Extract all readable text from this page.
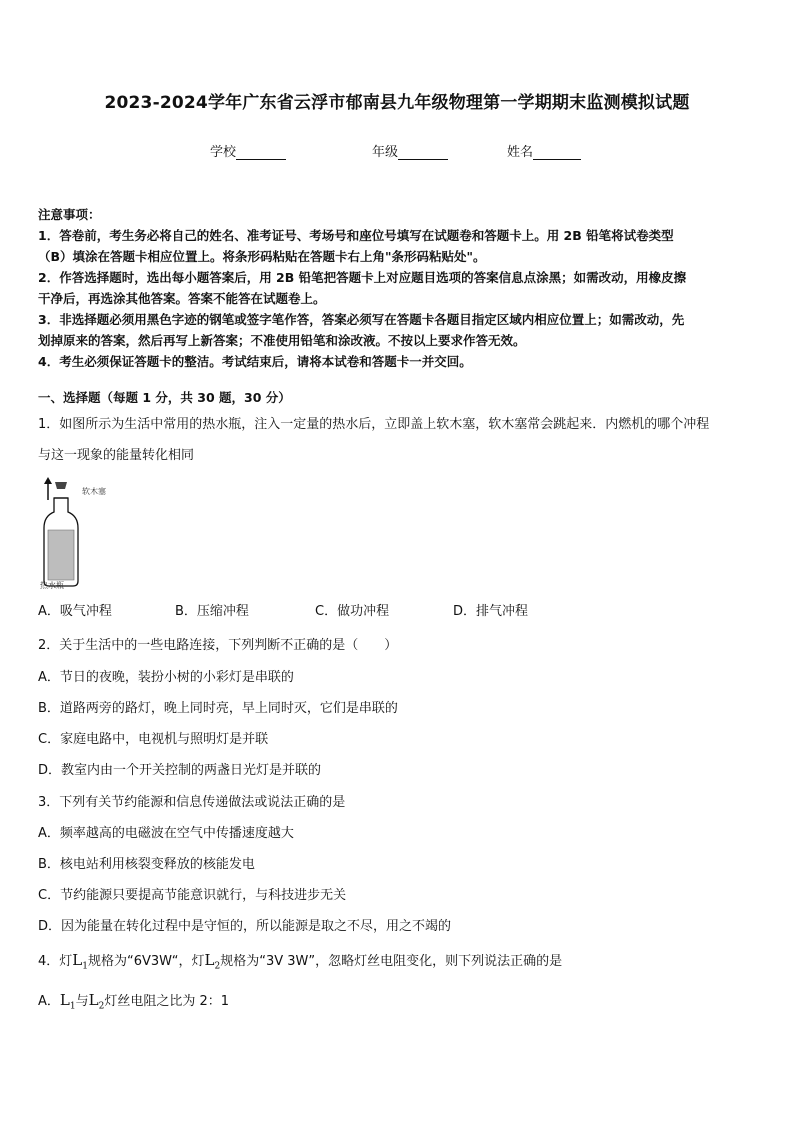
2023-2024学年广东省云浮市郁南县九年级物理第一学期期末监测模拟试题
学校	年级	姓名

注意事项：

1．答卷前，考生务必将自己的姓名、准考证号、考场号和座位号填写在试题卷和答题卡上。用 2B 铅笔将试卷类型

（B）填涂在答题卡相应位置上。将条形码粘贴在答题卡右上角"条形码粘贴处"。

2．作答选择题时，选出每小题答案后，用 2B 铅笔把答题卡上对应题目选项的答案信息点涂黑；如需改动，用橡皮擦

干净后，再选涂其他答案。答案不能答在试题卷上。

3．非选择题必须用黑色字迹的钢笔或签字笔作答，答案必须写在答题卡各题目指定区域内相应位置上；如需改动，先

划掉原来的答案，然后再写上新答案；不准使用铅笔和涂改液。不按以上要求作答无效。

4．考生必须保证答题卡的整洁。考试结束后，请将本试卷和答题卡一并交回。

一、选择题（每题 1 分，共 30 题，30 分）

1．如图所示为生活中常用的热水瓶，注入一定量的热水后，立即盖上软木塞，软木塞常会跳起来．内燃机的哪个冲程

与这一现象的能量转化相同

软木塞
热水瓶
A．吸气冲程	B．压缩冲程	C．做功冲程	D．排气冲程
2．关于生活中的一些电路连接，下列判断不正确的是（　　）
A．节日的夜晚，装扮小树的小彩灯是串联的
B．道路两旁的路灯，晚上同时亮，早上同时灭，它们是串联的
C．家庭电路中，电视机与照明灯是并联
D．教室内由一个开关控制的两盏日光灯是并联的
3．下列有关节约能源和信息传递做法或说法正确的是
A．频率越高的电磁波在空气中传播速度越大
B．核电站利用核裂变释放的核能发电
C．节约能源只要提高节能意识就行，与科技进步无关
D．因为能量在转化过程中是守恒的，所以能源是取之不尽，用之不竭的
4．灯$L_1$规格为“6V3W“，灯$L_2$规格为“3V 3W”，忽略灯丝电阻变化，则下列说法正确的是
A．$L_1$与$L_2$灯丝电阻之比为 2：1
